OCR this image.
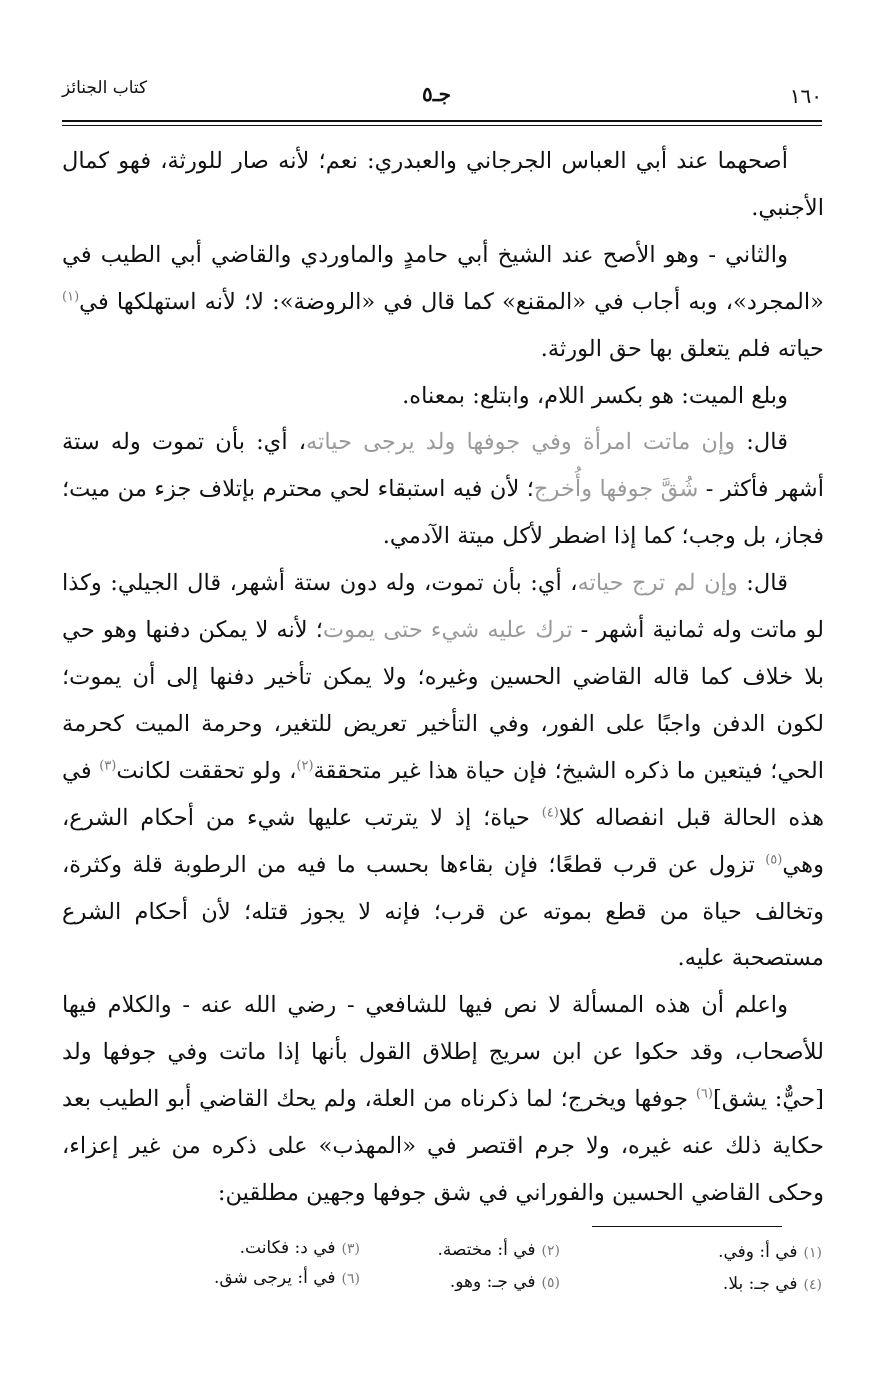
كتاب الجنائز	جـ٥	١٦٠

أصحهما عند أبي العباس الجرجاني والعبدري: نعم؛ لأنه صار للورثة، فهو كمال الأجنبي.

والثاني - وهو الأصح عند الشيخ أبي حامدٍ والماوردي والقاضي أبي الطيب في «المجرد»، وبه أجاب في «المقنع» كما قال في «الروضة»: لا؛ لأنه استهلكها في$^{(١)}$ حياته فلم يتعلق بها حق الورثة.

وبلع الميت: هو بكسر اللام، وابتلع: بمعناه.

قال: وإن ماتت امرأة وفي جوفها ولد يرجى حياته، أي: بأن تموت وله ستة أشهر فأكثر - شُقَّ جوفها وأُخرج؛ لأن فيه استبقاء لحي محترم بإتلاف جزء من ميت؛ فجاز، بل وجب؛ كما إذا اضطر لأكل ميتة الآدمي.

قال: وإن لم ترج حياته، أي: بأن تموت، وله دون ستة أشهر، قال الجيلي: وكذا لو ماتت وله ثمانية أشهر - ترك عليه شيء حتى يموت؛ لأنه لا يمكن دفنها وهو حي بلا خلاف كما قاله القاضي الحسين وغيره؛ ولا يمكن تأخير دفنها إلى أن يموت؛ لكون الدفن واجبًا على الفور، وفي التأخير تعريض للتغير، وحرمة الميت كحرمة الحي؛ فيتعين ما ذكره الشيخ؛ فإن حياة هذا غير متحققة$^{(٢)}$، ولو تحققت لكانت$^{(٣)}$ في هذه الحالة قبل انفصاله كلا$^{(٤)}$ حياة؛ إذ لا يترتب عليها شيء من أحكام الشرع، وهي$^{(٥)}$ تزول عن قرب قطعًا؛ فإن بقاءها بحسب ما فيه من الرطوبة قلة وكثرة، وتخالف حياة من قطع بموته عن قرب؛ فإنه لا يجوز قتله؛ لأن أحكام الشرع مستصحبة عليه.

واعلم أن هذه المسألة لا نص فيها للشافعي - رضي الله عنه - والكلام فيها للأصحاب، وقد حكوا عن ابن سريج إطلاق القول بأنها إذا ماتت وفي جوفها ولد [حيٌّ: يشق]$^{(٦)}$ جوفها ويخرج؛ لما ذكرناه من العلة، ولم يحك القاضي أبو الطيب بعد حكاية ذلك عنه غيره، ولا جرم اقتصر في «المهذب» على ذكره من غير إعزاء، وحكى القاضي الحسين والفوراني في شق جوفها وجهين مطلقين:

(١)في أ: وفي.
(٢)في أ: مختصة.
(٣)في د: فكانت.
(٤)في جـ: بلا.
(٥)في جـ: وهو.
(٦)في أ: يرجى شق.
